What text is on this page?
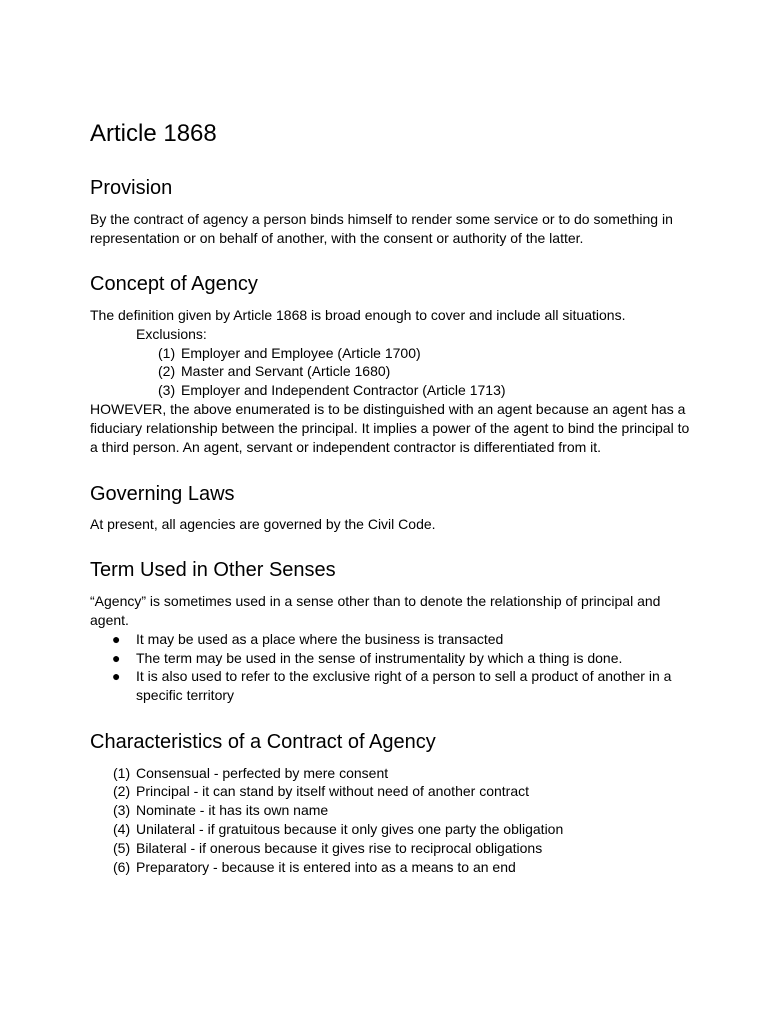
Article 1868
Provision

By the contract of agency a person binds himself to render some service or to do something in representation or on behalf of another, with the consent or authority of the latter.

Concept of Agency

The definition given by Article 1868 is broad enough to cover and include all situations.

Exclusions:

(1) Employer and Employee (Article 1700)
(2) Master and Servant (Article 1680)
(3) Employer and Independent Contractor (Article 1713)

HOWEVER, the above enumerated is to be distinguished with an agent because an agent has a fiduciary relationship between the principal. It implies a power of the agent to bind the principal to a third person. An agent, servant or independent contractor is differentiated from it.

Governing Laws

At present, all agencies are governed by the Civil Code.

Term Used in Other Senses

“Agency” is sometimes used in a sense other than to denote the relationship of principal and agent.

● It may be used as a place where the business is transacted
● The term may be used in the sense of instrumentality by which a thing is done.
● It is also used to refer to the exclusive right of a person to sell a product of another in a specific territory
Characteristics of a Contract of Agency
(1) Consensual - perfected by mere consent
(2) Principal - it can stand by itself without need of another contract
(3) Nominate - it has its own name
(4) Unilateral - if gratuitous because it only gives one party the obligation
(5) Bilateral - if onerous because it gives rise to reciprocal obligations
(6) Preparatory - because it is entered into as a means to an end
